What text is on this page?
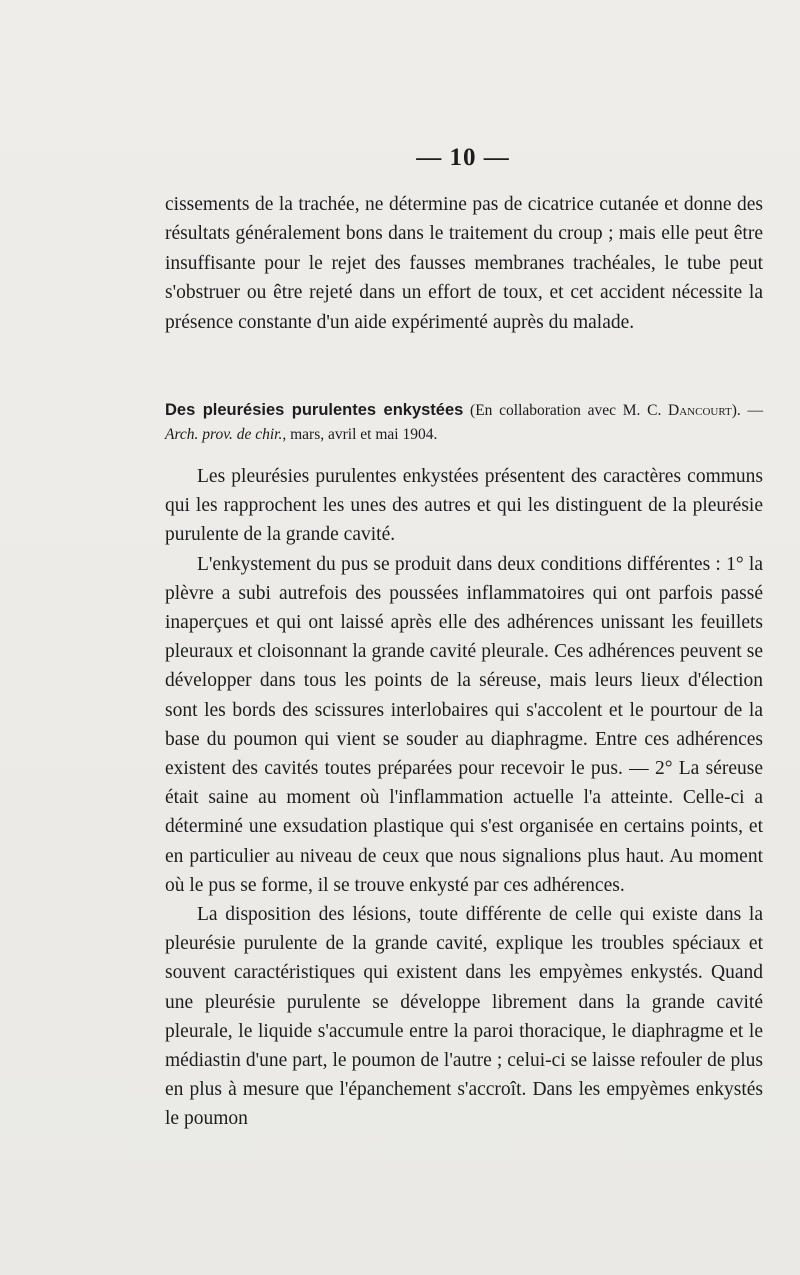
— 10 —

cissements de la trachée, ne détermine pas de cicatrice cutanée et donne des résultats généralement bons dans le traitement du croup ; mais elle peut être insuffisante pour le rejet des fausses membranes trachéales, le tube peut s'obstruer ou être rejeté dans un effort de toux, et cet accident nécessite la présence constante d'un aide expérimenté auprès du malade.

Des pleurésies purulentes enkystées (En collaboration avec M. C. Dancourt). — Arch. prov. de chir., mars, avril et mai 1904.

Les pleurésies purulentes enkystées présentent des caractères communs qui les rapprochent les unes des autres et qui les distinguent de la pleurésie purulente de la grande cavité.

L'enkystement du pus se produit dans deux conditions différentes : 1° la plèvre a subi autrefois des poussées inflammatoires qui ont parfois passé inaperçues et qui ont laissé après elle des adhérences unissant les feuillets pleuraux et cloisonnant la grande cavité pleurale. Ces adhérences peuvent se développer dans tous les points de la séreuse, mais leurs lieux d'élection sont les bords des scissures interlobaires qui s'accolent et le pourtour de la base du poumon qui vient se souder au diaphragme. Entre ces adhérences existent des cavités toutes préparées pour recevoir le pus. — 2° La séreuse était saine au moment où l'inflammation actuelle l'a atteinte. Celle-ci a déterminé une exsudation plastique qui s'est organisée en certains points, et en particulier au niveau de ceux que nous signalions plus haut. Au moment où le pus se forme, il se trouve enkysté par ces adhérences.

La disposition des lésions, toute différente de celle qui existe dans la pleurésie purulente de la grande cavité, explique les troubles spéciaux et souvent caractéristiques qui existent dans les empyèmes enkystés. Quand une pleurésie purulente se développe librement dans la grande cavité pleurale, le liquide s'accumule entre la paroi thoracique, le diaphragme et le médiastin d'une part, le poumon de l'autre ; celui-ci se laisse refouler de plus en plus à mesure que l'épanchement s'accroît. Dans les empyèmes enkystés le poumon
